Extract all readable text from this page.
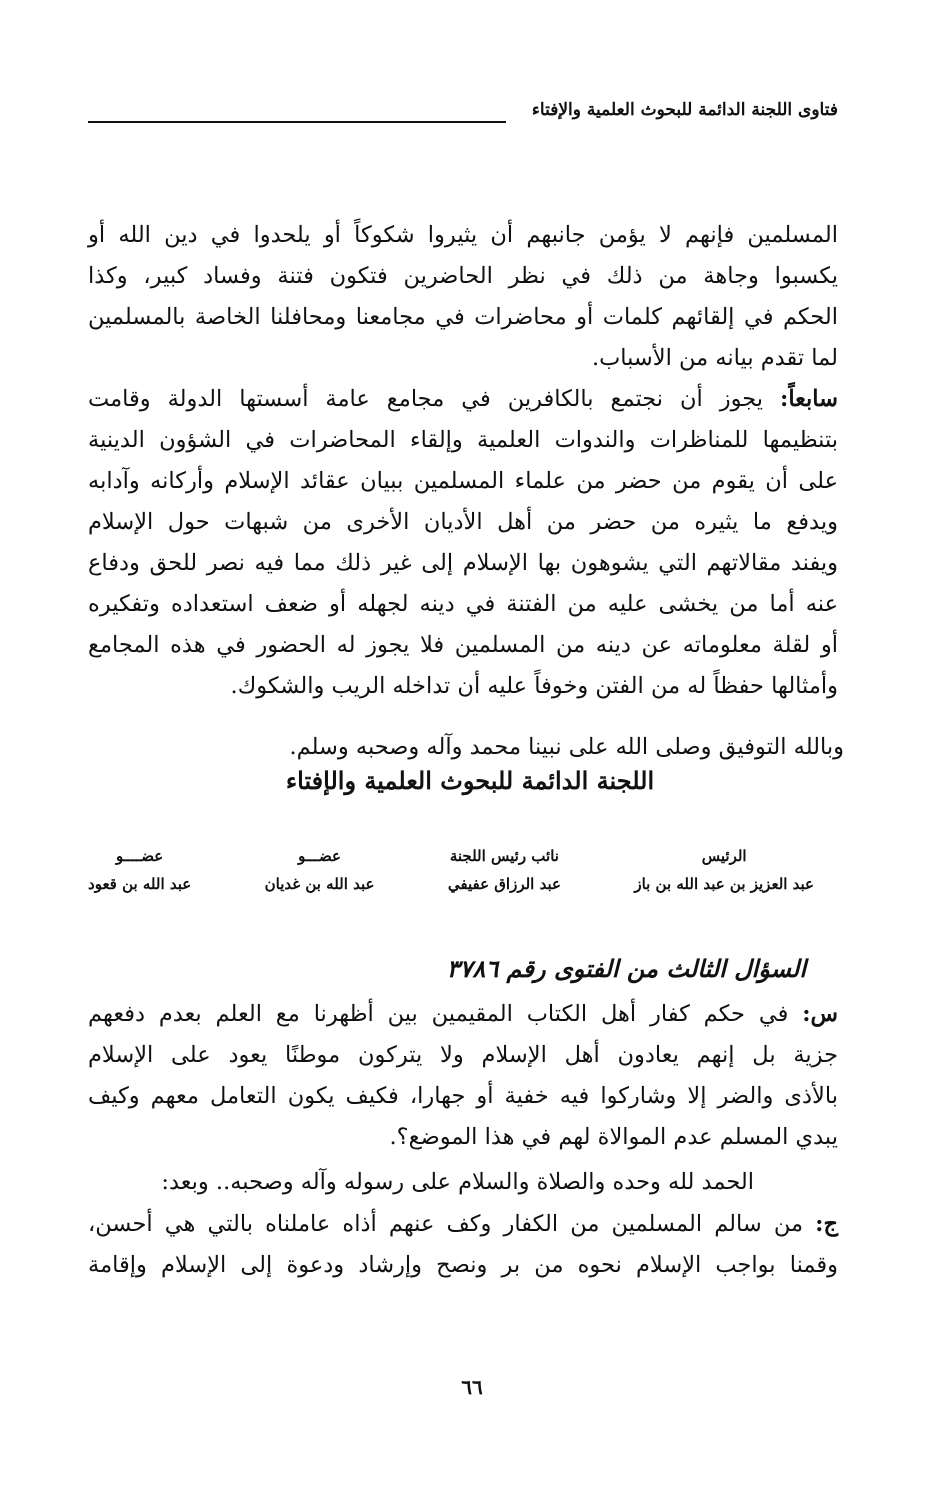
فتاوى اللجنة الدائمة للبحوث العلمية والإفتاء
المسلمين فإنهم لا يؤمن جانبهم أن يثيروا شكوكاً أو يلحدوا في دين الله أو
يكسبوا وجاهة من ذلك في نظر الحاضرين فتكون فتنة وفساد كبير، وكذا
الحكم في إلقائهم كلمات أو محاضرات في مجامعنا ومحافلنا الخاصة بالمسلمين
لما تقدم بيانه من الأسباب.
سابعاً: يجوز أن نجتمع بالكافرين في مجامع عامة أسستها الدولة وقامت
بتنظيمها للمناظرات والندوات العلمية وإلقاء المحاضرات في الشؤون الدينية
على أن يقوم من حضر من علماء المسلمين ببيان عقائد الإسلام وأركانه وآدابه
ويدفع ما يثيره من حضر من أهل الأديان الأخرى من شبهات حول الإسلام
ويفند مقالاتهم التي يشوهون بها الإسلام إلى غير ذلك مما فيه نصر للحق ودفاع
عنه أما من يخشى عليه من الفتنة في دينه لجهله أو ضعف استعداده وتفكيره
أو لقلة معلوماته عن دينه من المسلمين فلا يجوز له الحضور في هذه المجامع
وأمثالها حفظاً له من الفتن وخوفاً عليه أن تداخله الريب والشكوك.
وبالله التوفيق وصلى الله على نبينا محمد وآله وصحبه وسلم.
اللجنة الدائمة للبحوث العلمية والإفتاء
الرئيس
عبد العزيز بن عبد الله بن باز
نائب رئيس اللجنة
عبد الرزاق عفيفي
عضـــو
عبد الله بن غديان
عضــــو
عبد الله بن قعود
السؤال الثالث من الفتوى رقم ٣٧٨٦
س: في حكم كفار أهل الكتاب المقيمين بين أظهرنا مع العلم بعدم دفعهم
جزية بل إنهم يعادون أهل الإسلام ولا يتركون موطنًا يعود على الإسلام
بالأذى والضر إلا وشاركوا فيه خفية أو جهارا، فكيف يكون التعامل معهم وكيف
يبدي المسلم عدم الموالاة لهم في هذا الموضع؟.
الحمد لله وحده والصلاة والسلام على رسوله وآله وصحبه.. وبعد:
ج: من سالم المسلمين من الكفار وكف عنهم أذاه عاملناه بالتي هي أحسن،
وقمنا بواجب الإسلام نحوه من بر ونصح وإرشاد ودعوة إلى الإسلام وإقامة
٦٦
